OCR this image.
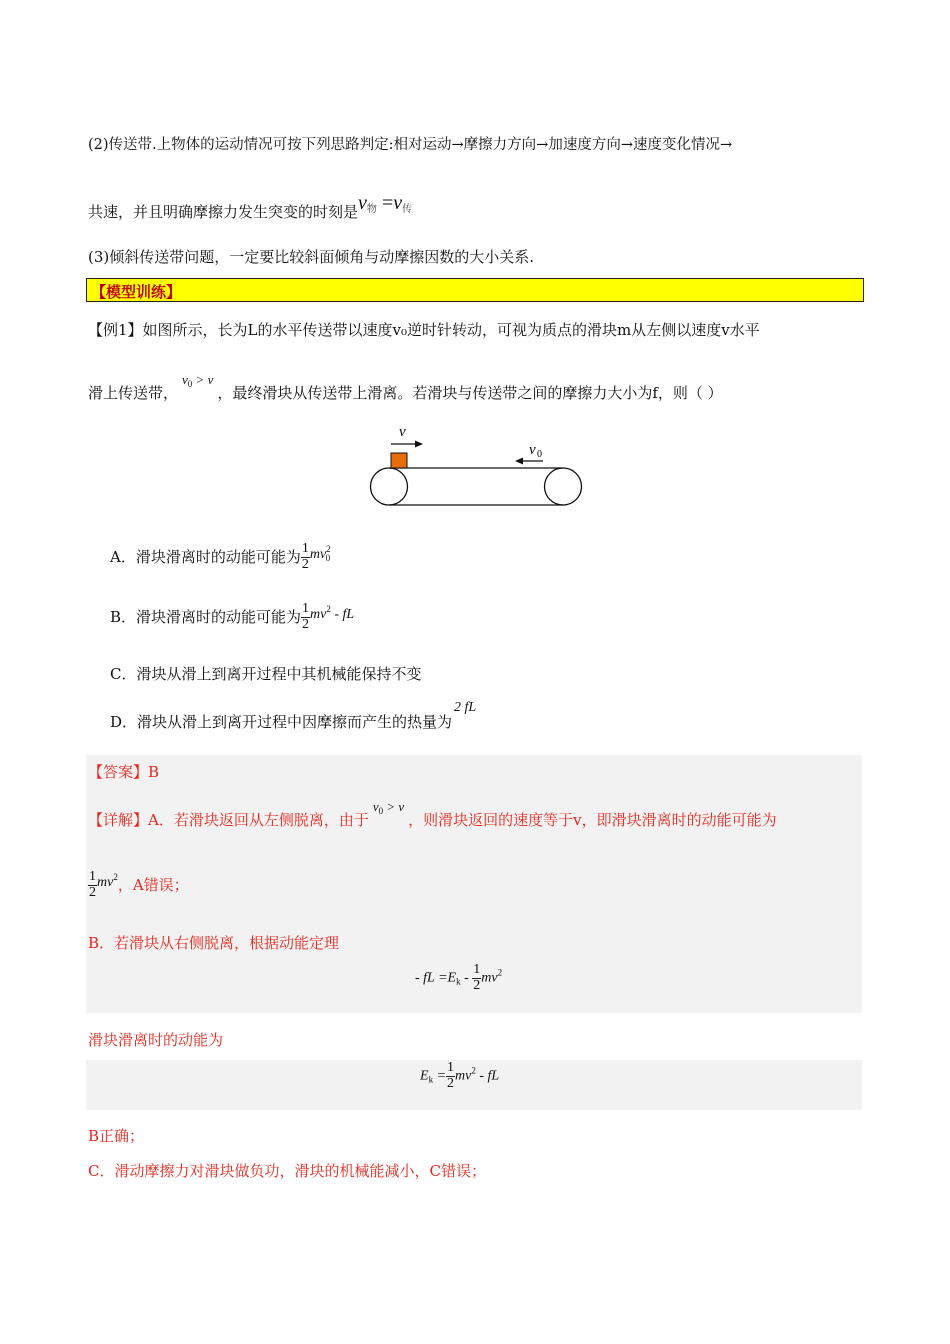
(2)传送带.上物体的运动情况可按下列思路判定:相对运动→摩擦力方向→加速度方向→速度变化情况→
共速，并且明确摩擦力发生突变的时刻是$v_物 =v_传$
(3)倾斜传送带问题，一定要比较斜面倾角与动摩擦因数的大小关系.
【模型训练】
【例1】如图所示，长为L的水平传送带以速度v₀逆时针转动，可视为质点的滑块m从左侧以速度v水平
滑上传送带，$v_0 > v$，最终滑块从传送带上滑离。若滑块与传送带之间的摩擦力大小为f，则（ ）
v
v 0
A．滑块滑离时的动能可能为 $\frac{1}{2} mv^2_0$
B．滑块滑离时的动能可能为 $\frac{1}{2} mv^2$ - fL
C．滑块从滑上到离开过程中其机械能保持不变
D．滑块从滑上到离开过程中因摩擦而产生的热量为2 fL
【答案】B
【详解】A．若滑块返回从左侧脱离，由于$v_0 > v$，则滑块返回的速度等于v，即滑块滑离时的动能可能为
$\frac{1}{2} mv^2$，A错误；
B．若滑块从右侧脱离，根据动能定理
- fL $=E_k - \frac{1}{2} mv^2$
滑块滑离时的动能为
$E_k = \frac{1}{2} mv^2$ - fL
B正确；
C．滑动摩擦力对滑块做负功，滑块的机械能减小，C错误；
